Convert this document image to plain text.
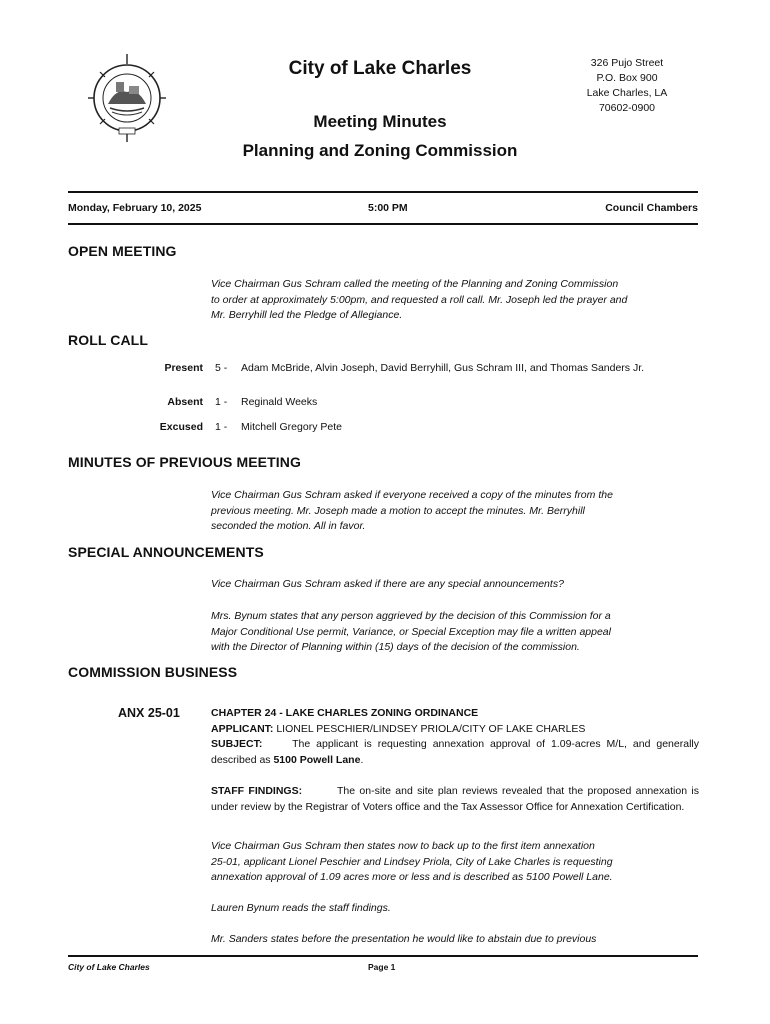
City of Lake Charles	326 Pujo Street
P.O. Box 900
Lake Charles, LA
70602-0900
Meeting Minutes
Planning and Zoning Commission
Monday, February 10, 2025	5:00 PM	Council Chambers
OPEN MEETING
Vice Chairman Gus Schram called the meeting of the Planning and Zoning Commission
to order at approximately 5:00pm, and requested a roll call. Mr. Joseph led the prayer and
Mr. Berryhill led the Pledge of Allegiance.
ROLL CALL
Present 5 -	Adam McBride, Alvin Joseph, David Berryhill, Gus Schram III, and Thomas Sanders Jr.
Absent 1 -	Reginald Weeks
Excused 1 -	Mitchell Gregory Pete
MINUTES OF PREVIOUS MEETING
Vice Chairman Gus Schram asked if everyone received a copy of the minutes from the
previous meeting. Mr. Joseph made a motion to accept the minutes. Mr. Berryhill
seconded the motion. All in favor.
SPECIAL ANNOUNCEMENTS
Vice Chairman Gus Schram asked if there are any special announcements?
Mrs. Bynum states that any person aggrieved by the decision of this Commission for a
Major Conditional Use permit, Variance, or Special Exception may file a written appeal
with the Director of Planning within (15) days of the decision of the commission.
COMMISSION BUSINESS
ANX 25-01	CHAPTER 24 - LAKE CHARLES ZONING ORDINANCE
APPLICANT: LIONEL PESCHIER/LINDSEY PRIOLA/CITY OF LAKE CHARLES
SUBJECT:	The applicant is requesting annexation approval of 1.09-acres M/L, and generally described as 5100 Powell Lane.
STAFF FINDINGS:	The on-site and site plan reviews revealed that the proposed annexation is under review by the Registrar of Voters office and the Tax Assessor Office for Annexation Certification.
Vice Chairman Gus Schram then states now to back up to the first item annexation
25-01, applicant Lionel Peschier and Lindsey Priola, City of Lake Charles is requesting
annexation approval of 1.09 acres more or less and is described as 5100 Powell Lane.
Lauren Bynum reads the staff findings.
Mr. Sanders states before the presentation he would like to abstain due to previous
City of Lake Charles	Page 1
